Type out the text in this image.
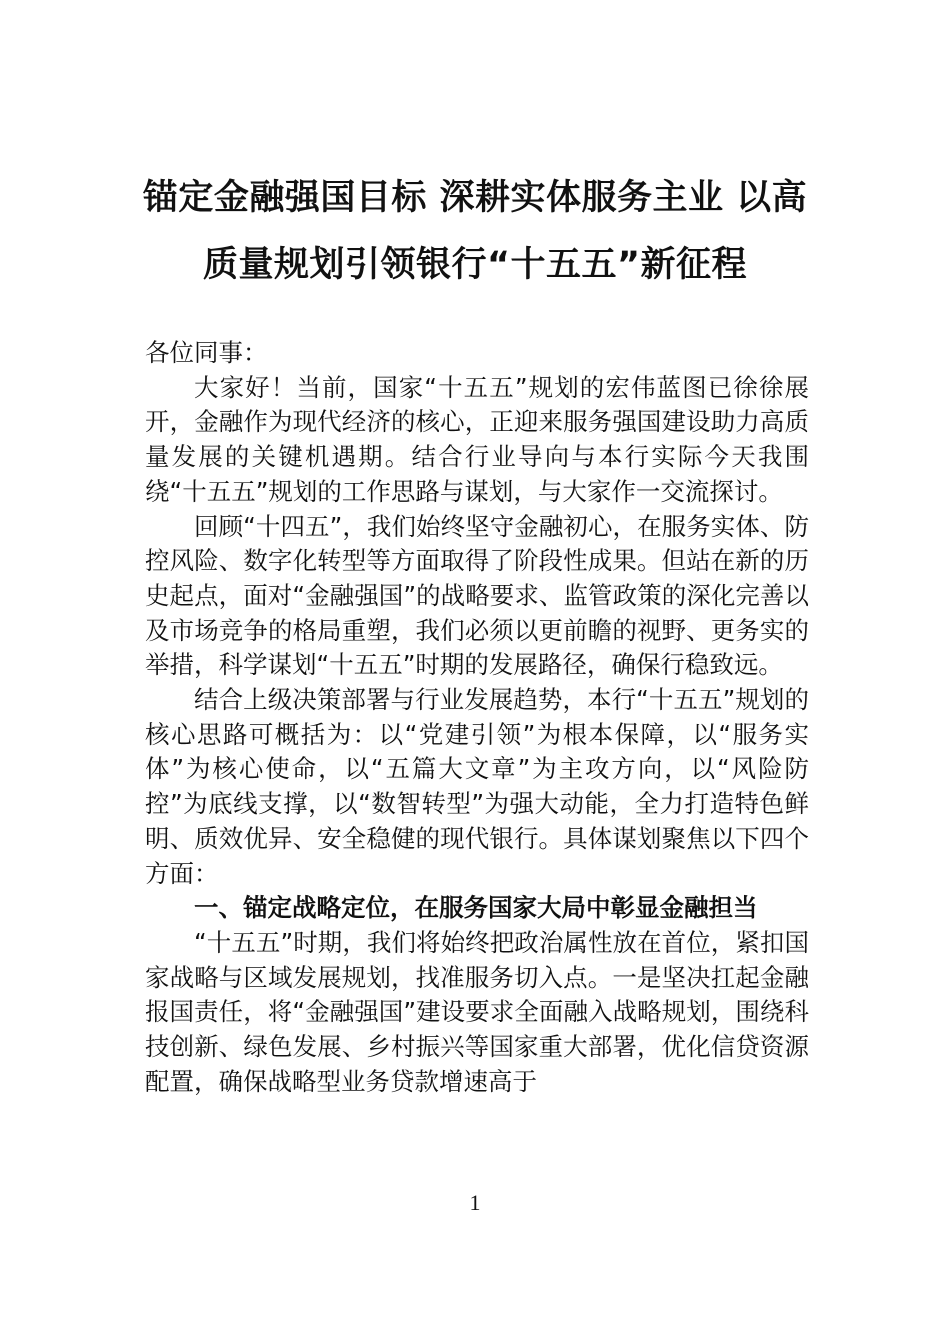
锚定金融强国目标 深耕实体服务主业 以高
质量规划引领银行“十五五”新征程

各位同事：

大家好！当前，国家“十五五”规划的宏伟蓝图已徐徐展开，金融作为现代经济的核心，正迎来服务强国建设助力高质量发展的关键机遇期。结合行业导向与本行实际今天我围绕“十五五”规划的工作思路与谋划，与大家作一交流探讨。

回顾“十四五”，我们始终坚守金融初心，在服务实体、防控风险、数字化转型等方面取得了阶段性成果。但站在新的历史起点，面对“金融强国”的战略要求、监管政策的深化完善以及市场竞争的格局重塑，我们必须以更前瞻的视野、更务实的举措，科学谋划“十五五”时期的发展路径，确保行稳致远。

结合上级决策部署与行业发展趋势，本行“十五五”规划的核心思路可概括为：以“党建引领”为根本保障，以“服务实体”为核心使命，以“五篇大文章”为主攻方向，以“风险防控”为底线支撑，以“数智转型”为强大动能，全力打造特色鲜明、质效优异、安全稳健的现代银行。具体谋划聚焦以下四个方面：

一、锚定战略定位，在服务国家大局中彰显金融担当

“十五五”时期，我们将始终把政治属性放在首位，紧扣国家战略与区域发展规划，找准服务切入点。一是坚决扛起金融报国责任，将“金融强国”建设要求全面融入战略规划，围绕科技创新、绿色发展、乡村振兴等国家重大部署，优化信贷资源配置，确保战略型业务贷款增速高于

1
